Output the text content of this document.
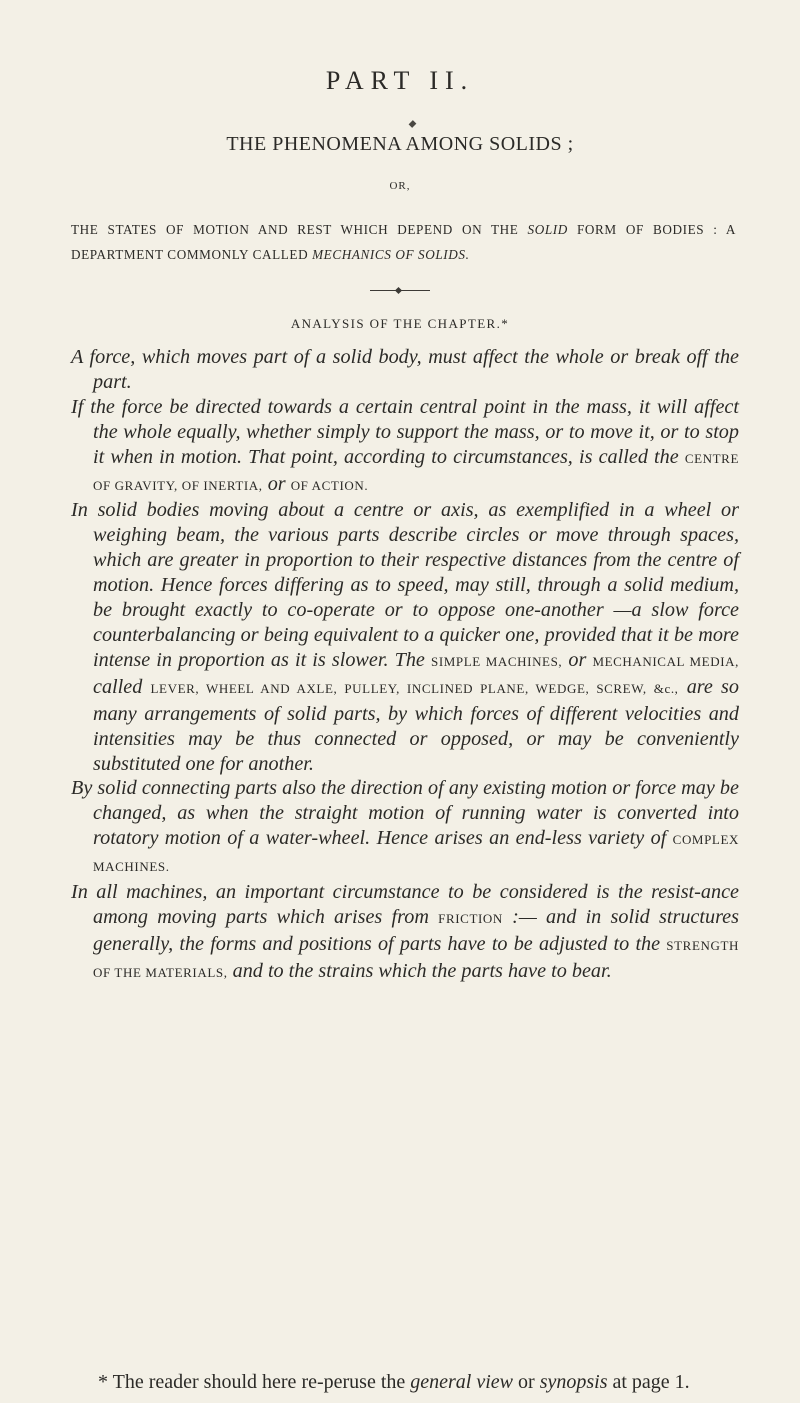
PART II.
THE PHENOMENA AMONG SOLIDS ;
OR,
THE STATES OF MOTION AND REST WHICH DEPEND ON THE SOLID FORM OF BODIES : A DEPARTMENT COMMONLY CALLED MECHANICS OF SOLIDS.
ANALYSIS OF THE CHAPTER.*

A force, which moves part of a solid body, must affect the whole or break off the part.

If the force be directed towards a certain central point in the mass, it will affect the whole equally, whether simply to support the mass, or to move it, or to stop it when in motion. That point, according to circumstances, is called the CENTRE OF GRAVITY, OF INERTIA, or OF ACTION.

In solid bodies moving about a centre or axis, as exemplified in a wheel or weighing beam, the various parts describe circles or move through spaces, which are greater in proportion to their respective distances from the centre of motion. Hence forces differing as to speed, may still, through a solid medium, be brought exactly to co-operate or to oppose one-another —a slow force counterbalancing or being equivalent to a quicker one, provided that it be more intense in proportion as it is slower. The SIMPLE MACHINES, or MECHANICAL MEDIA, called LEVER, WHEEL AND AXLE, PULLEY, INCLINED PLANE, WEDGE, SCREW, &c., are so many arrangements of solid parts, by which forces of different velocities and intensities may be thus connected or opposed, or may be conveniently substituted one for another.

By solid connecting parts also the direction of any existing motion or force may be changed, as when the straight motion of running water is converted into rotatory motion of a water-wheel. Hence arises an end-less variety of COMPLEX MACHINES.

In all machines, an important circumstance to be considered is the resist-ance among moving parts which arises from FRICTION :— and in solid structures generally, the forms and positions of parts have to be adjusted to the STRENGTH OF THE MATERIALS, and to the strains which the parts have to bear.

* The reader should here re-peruse the general view or synopsis at page 1.
